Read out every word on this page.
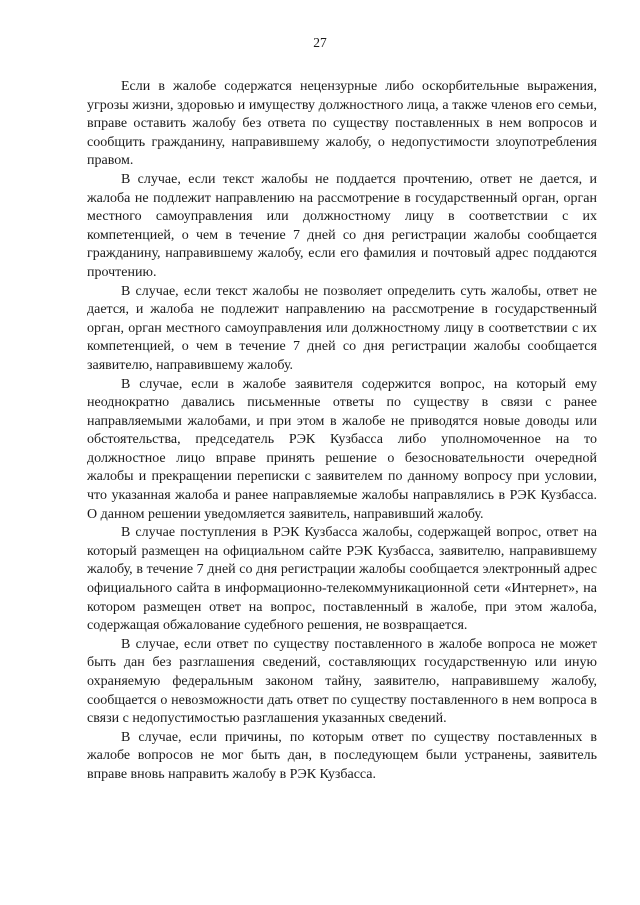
27

Если в жалобе содержатся нецензурные либо оскорбительные выражения, угрозы жизни, здоровью и имуществу должностного лица, а также членов его семьи, вправе оставить жалобу без ответа по существу поставленных в нем вопросов и сообщить гражданину, направившему жалобу, о недопустимости злоупотребления правом.

В случае, если текст жалобы не поддается прочтению, ответ не дается, и жалоба не подлежит направлению на рассмотрение в государственный орган, орган местного самоуправления или должностному лицу в соответствии с их компетенцией, о чем в течение 7 дней со дня регистрации жалобы сообщается гражданину, направившему жалобу, если его фамилия и почтовый адрес поддаются прочтению.

В случае, если текст жалобы не позволяет определить суть жалобы, ответ не дается, и жалоба не подлежит направлению на рассмотрение в государственный орган, орган местного самоуправления или должностному лицу в соответствии с их компетенцией, о чем в течение 7 дней со дня регистрации жалобы сообщается заявителю, направившему жалобу.

В случае, если в жалобе заявителя содержится вопрос, на который ему неоднократно давались письменные ответы по существу в связи с ранее направляемыми жалобами, и при этом в жалобе не приводятся новые доводы или обстоятельства, председатель РЭК Кузбасса либо уполномоченное на то должностное лицо вправе принять решение о безосновательности очередной жалобы и прекращении переписки с заявителем по данному вопросу при условии, что указанная жалоба и ранее направляемые жалобы направлялись в РЭК Кузбасса. О данном решении уведомляется заявитель, направивший жалобу.

В случае поступления в РЭК Кузбасса жалобы, содержащей вопрос, ответ на который размещен на официальном сайте РЭК Кузбасса, заявителю, направившему жалобу, в течение 7 дней со дня регистрации жалобы сообщается электронный адрес официального сайта в информационно-телекоммуникационной сети «Интернет», на котором размещен ответ на вопрос, поставленный в жалобе, при этом жалоба, содержащая обжалование судебного решения, не возвращается.

В случае, если ответ по существу поставленного в жалобе вопроса не может быть дан без разглашения сведений, составляющих государственную или иную охраняемую федеральным законом тайну, заявителю, направившему жалобу, сообщается о невозможности дать ответ по существу поставленного в нем вопроса в связи с недопустимостью разглашения указанных сведений.

В случае, если причины, по которым ответ по существу поставленных в жалобе вопросов не мог быть дан, в последующем были устранены, заявитель вправе вновь направить жалобу в РЭК Кузбасса.
